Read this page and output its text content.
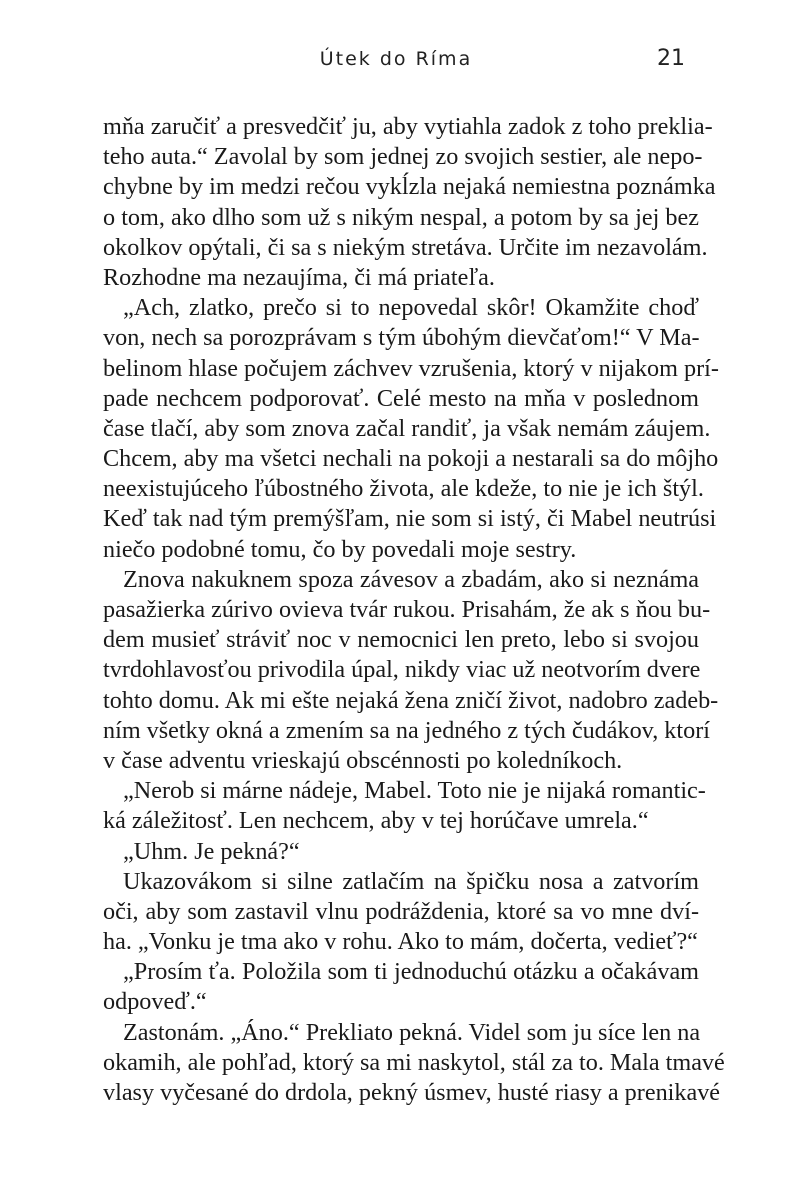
Útek do Ríma	21
mňa zaručiť a presvedčiť ju, aby vytiahla zadok z toho prekliа-
teho auta.“ Zavolal by som jednej zo svojich sestier, ale nepo-
chybne by im medzi rečou vykĺzla nejaká nemiestna poznámka
o tom, ako dlho som už s nikým nespal, a potom by sa jej bez
okolkov opýtali, či sa s niekým stretáva. Určite im nezavolám.
Rozhodne ma nezaujíma, či má priateľa.
„Ach, zlatko, prečo si to nepovedal skôr! Okamžite choď
von, nech sa porozprávam s tým úbohým dievčaťom!“ V Ma-
belinom hlase počujem záchvev vzrušenia, ktorý v nijakom prí-
pade nechcem podporovať. Celé mesto na mňa v poslednom
čase tlačí, aby som znova začal randiť, ja však nemám záujem.
Chcem, aby ma všetci nechali na pokoji a nestarali sa do môjho
neexistujúceho ľúbostného života, ale kdeže, to nie je ich štýl.
Keď tak nad tým premýšľam, nie som si istý, či Mabel neutrúsi
niečo podobné tomu, čo by povedali moje sestry.
Znova nakuknem spoza závesov a zbadám, ako si neznáma
pasažierka zúrivo ovieva tvár rukou. Prisahám, že ak s ňou bu-
dem musieť stráviť noc v nemocnici len preto, lebo si svojou
tvrdohlavosťou privodila úpal, nikdy viac už neotvorím dvere
tohto domu. Ak mi ešte nejaká žena zničí život, nadobro zadeb-
ním všetky okná a zmením sa na jedného z tých čudákov, ktorí
v čase adventu vrieskajú obscénnosti po koledníkoch.
„Nerob si márne nádeje, Mabel. Toto nie je nijaká romantic-
ká záležitosť. Len nechcem, aby v tej horúčave umrela.“
„Uhm. Je pekná?“
Ukazovákom si silne zatlačím na špičku nosa a zatvorím
oči, aby som zastavil vlnu podráždenia, ktoré sa vo mne dví-
ha. „Vonku je tma ako v rohu. Ako to mám, dočerta, vedieť?“
„Prosím ťa. Položila som ti jednoduchú otázku a očakávam
odpoveď.“
Zastonám. „Áno.“ Prekliato pekná. Videl som ju síce len na
okamih, ale pohľad, ktorý sa mi naskytol, stál za to. Mala tmavé
vlasy vyčesané do drdola, pekný úsmev, husté riasy a prenikavé
